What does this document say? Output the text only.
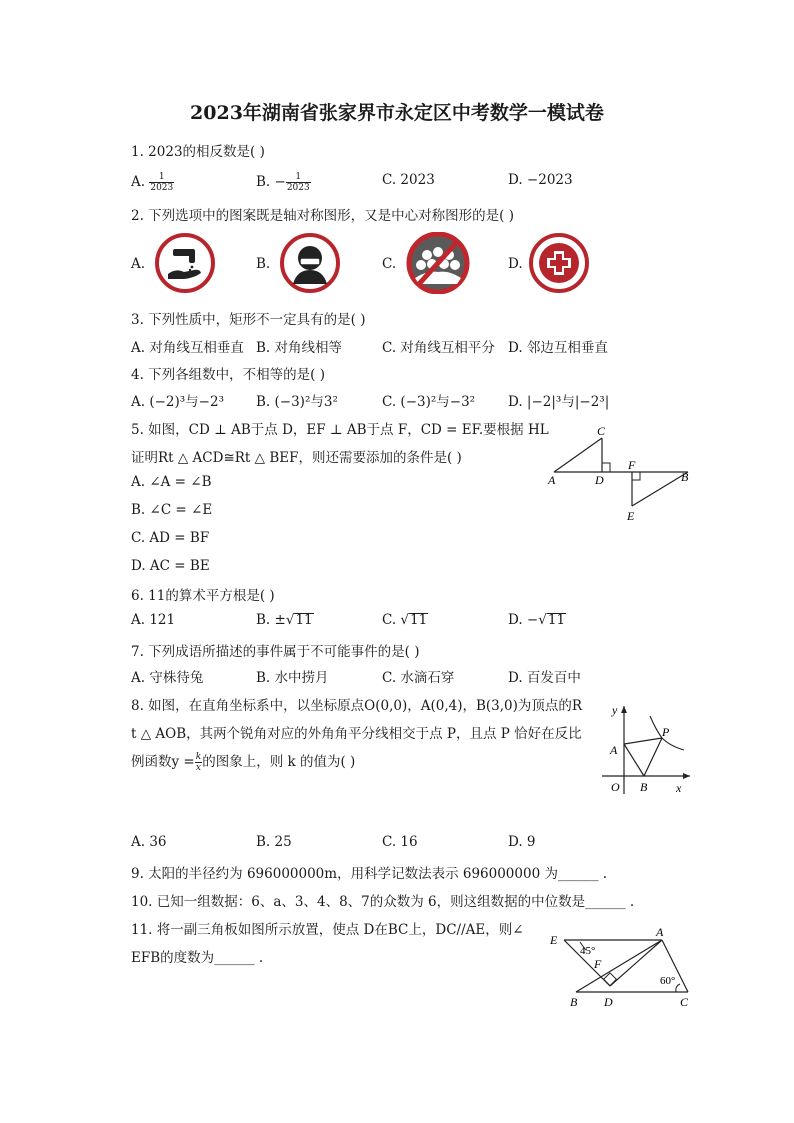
2023年湖南省张家界市永定区中考数学一模试卷
1. 2023的相反数是( )
A. $\frac{1}{2023}$	B. − $\frac{1}{2023}$	C. 2023	D. −2023
2. 下列选项中的图案既是轴对称图形，又是中心对称图形的是( )
A.	B.	C.	D.
3. 下列性质中，矩形不一定具有的是( )
A. 对角线互相垂直 B. 对角线相等	C. 对角线互相平分 D. 邻边互相垂直
4. 下列各组数中，不相等的是( )
A. (−2)³与−2³ B. (−3)²与3²	C. (−3)²与−3² D. |−2|³与|−2³|
5. 如图，CD ⊥ AB于点 D，EF ⊥ AB于点 F，CD = EF.要根据 HL
证明Rt △ ACD≅Rt △ BEF，则还需要添加的条件是( )
A. ∠A = ∠B
B. ∠C = ∠E
C. AD = BF
D. AC = BE
A
C
D
F
B
E
6. 11的算术平方根是( )
A. 121	B. ±√11	C. √11	D. −√11
7. 下列成语所描述的事件属于不可能事件的是( )
A. 守株待兔	B. 水中捞月	C. 水滴石穿	D. 百发百中
8. 如图，在直角坐标系中，以坐标原点O(0,0)，A(0,4)，B(3,0)为顶点的R
t △ AOB，其两个锐角对应的外角角平分线相交于点 P，且点 P 恰好在反比
例函数$y = \frac{k}{x}$ 的图象上，则 k 的值为( )
A. 36	B. 25	C. 16	D. 9
y
x
O
A
B
P
9. 太阳的半径约为 696000000m，用科学记数法表示 696000000 为______ .
10. 已知一组数据：6、a、3、4、8、7的众数为 6，则这组数据的中位数是______ .
11. 将一副三角板如图所示放置，使点 D在BC上，DC//AE，则∠
EFB的度数为______ .
E
45°
A
F
60°
B D	C
